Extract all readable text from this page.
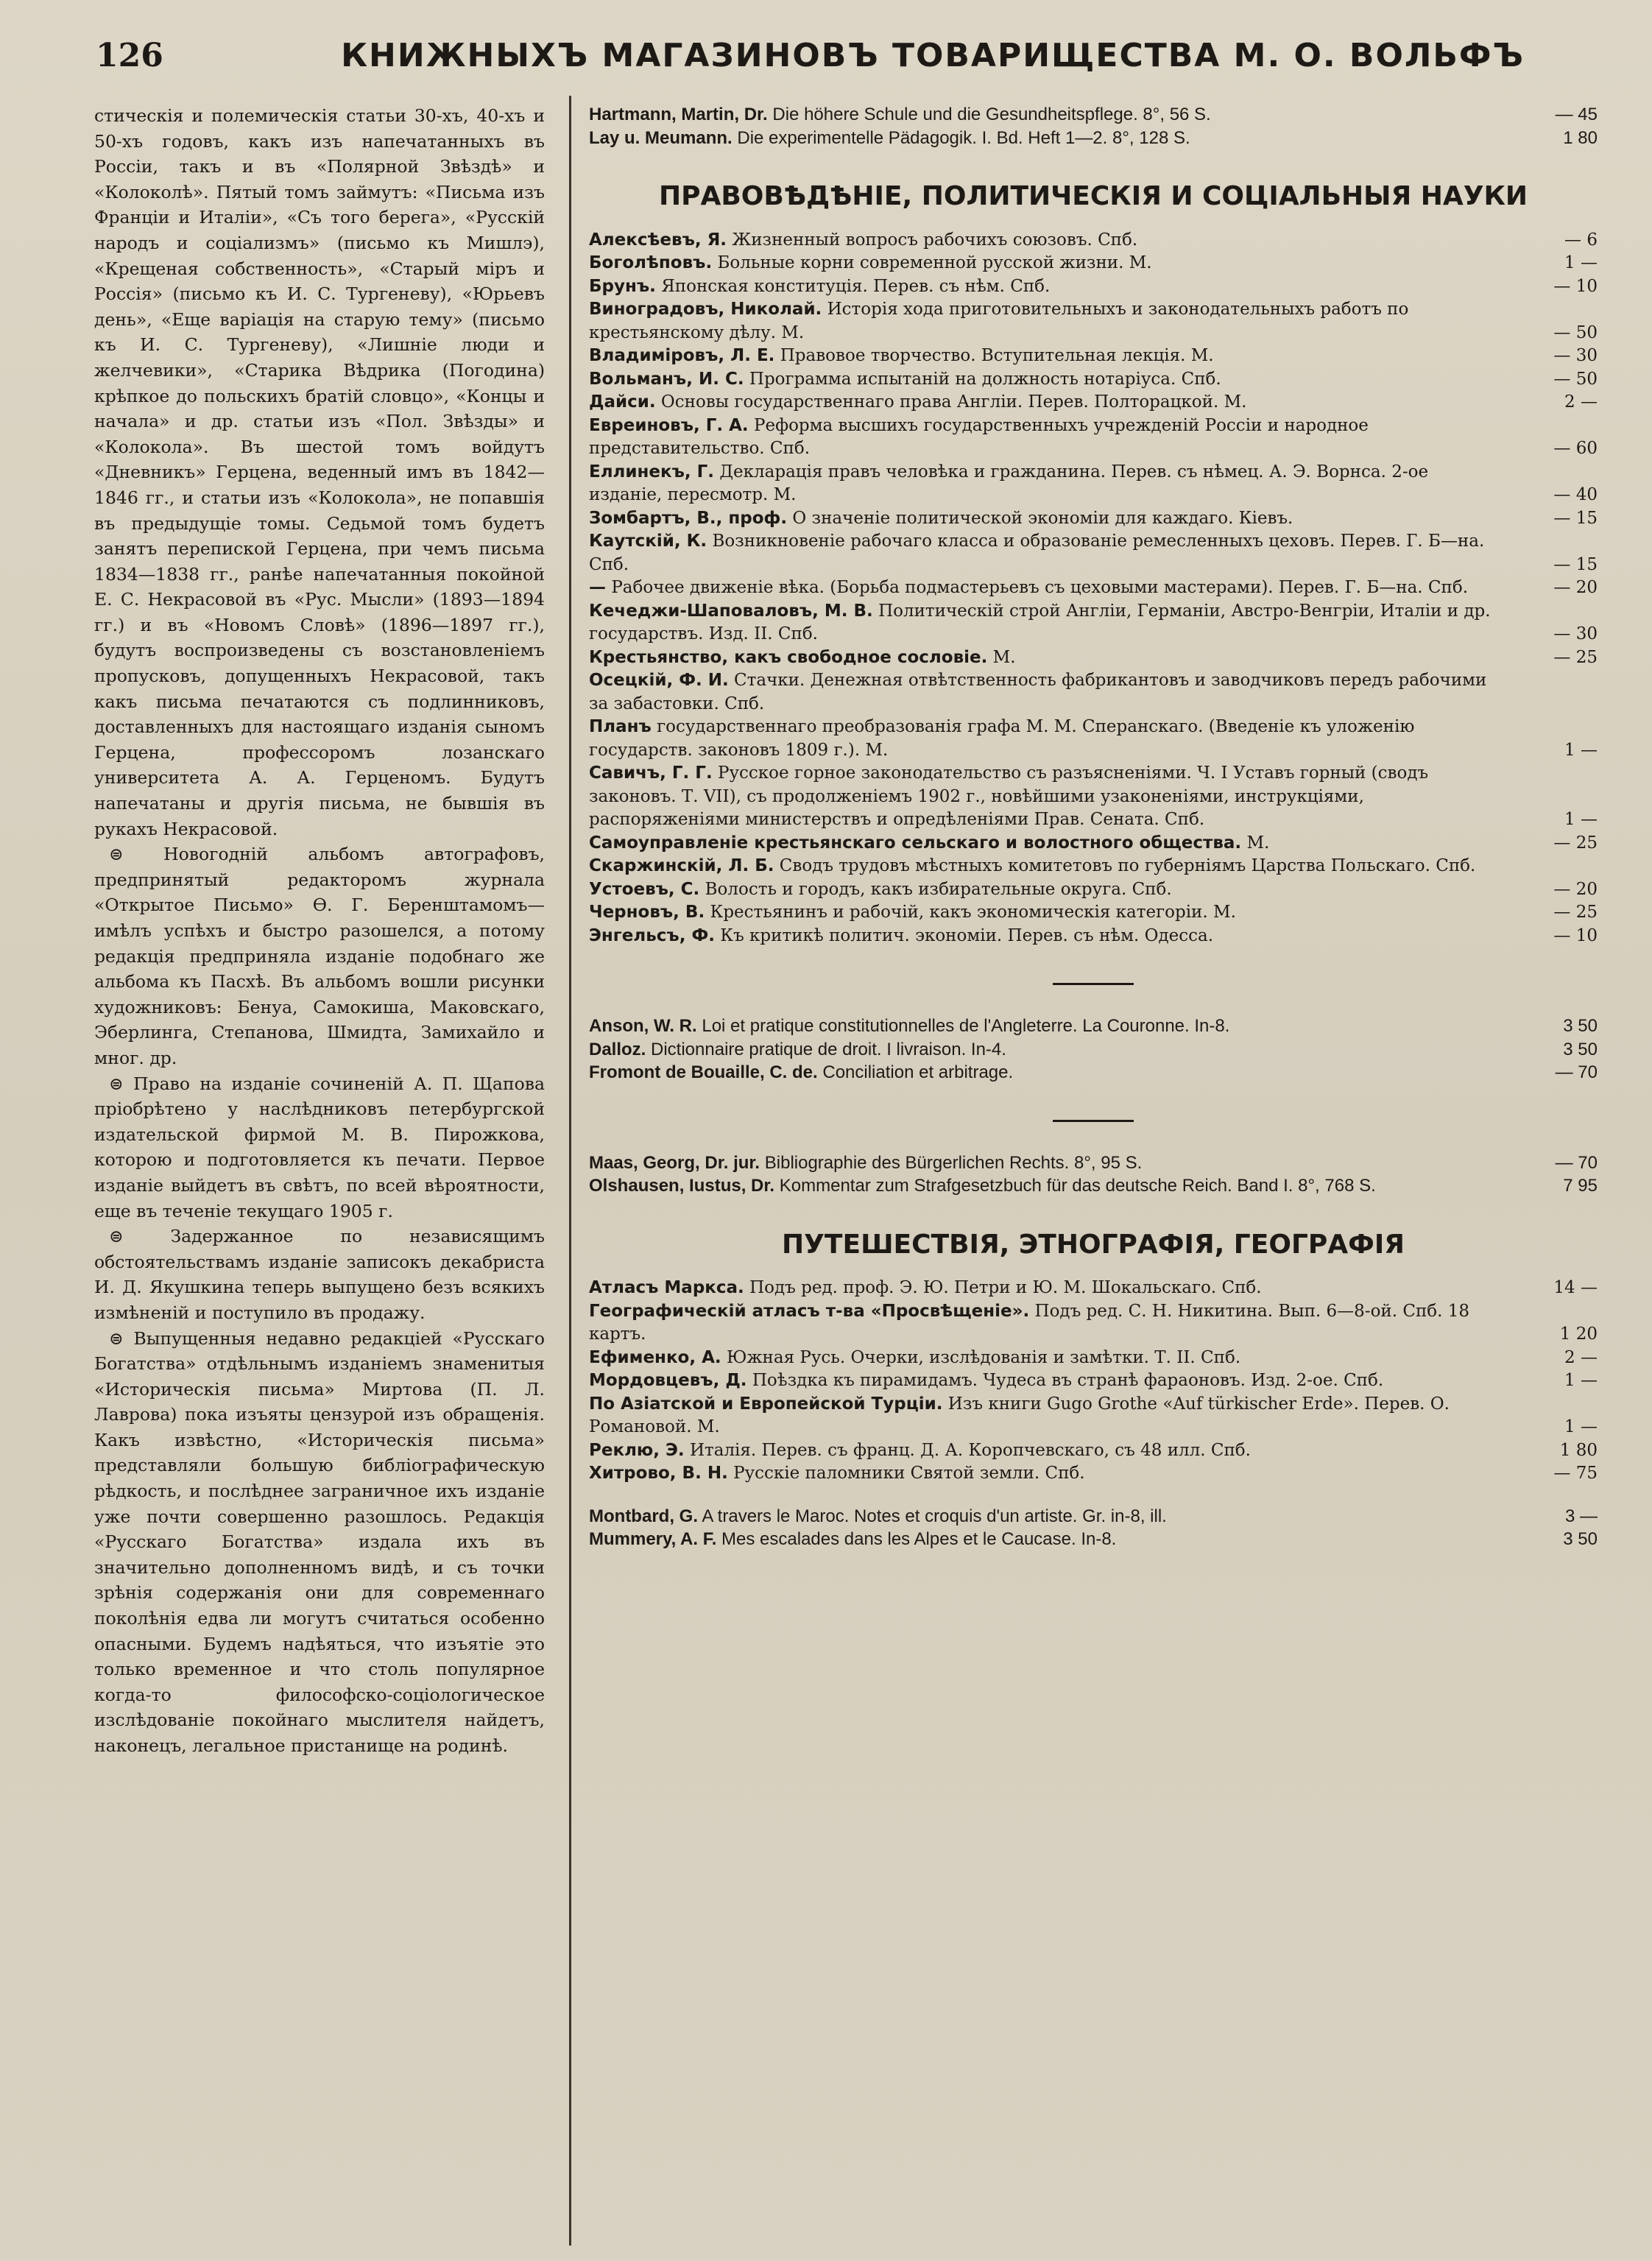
126	КНИЖНЫХЪ МАГАЗИНОВЪ ТОВАРИЩЕСТВА М. О. ВОЛЬФЪ

стическія и полемическія статьи 30-хъ, 40-хъ и 50-хъ годовъ, какъ изъ напечатанныхъ въ Россіи, такъ и въ «Полярной Звѣздѣ» и «Колоколѣ». Пятый томъ займутъ: «Письма изъ Франціи и Италіи», «Съ того берега», «Русскій народъ и соціализмъ» (письмо къ Мишлэ), «Крещеная собственность», «Старый міръ и Россія» (письмо къ И. С. Тургеневу), «Юрьевъ день», «Еще варіація на старую тему» (письмо къ И. С. Тургеневу), «Лишніе люди и желчевики», «Старика Вѣдрика (Погодина) крѣпкое до польскихъ братій словцо», «Концы и начала» и др. статьи изъ «Пол. Звѣзды» и «Колокола». Въ шестой томъ войдутъ «Дневникъ» Герцена, веденный имъ въ 1842—1846 гг., и статьи изъ «Колокола», не попавшія въ предыдущіе томы. Седьмой томъ будетъ занятъ перепиской Герцена, при чемъ письма 1834—1838 гг., ранѣе напечатанныя покойной Е. С. Некрасовой въ «Рус. Мысли» (1893—1894 гг.) и въ «Новомъ Словѣ» (1896—1897 гг.), будутъ воспроизведены съ возстановленіемъ пропусковъ, допущенныхъ Некрасовой, такъ какъ письма печатаются съ подлинниковъ, доставленныхъ для настоящаго изданія сыномъ Герцена, профессоромъ лозанскаго университета А. А. Герценомъ. Будутъ напечатаны и другія письма, не бывшія въ рукахъ Некрасовой.

⊜ Новогодній альбомъ автографовъ, предпринятый редакторомъ журнала «Открытое Письмо» Ѳ. Г. Беренштамомъ—имѣлъ успѣхъ и быстро разошелся, а потому редакція предприняла изданіе подобнаго же альбома къ Пасхѣ. Въ альбомъ вошли рисунки художниковъ: Бенуа, Самокиша, Маковскаго, Эберлинга, Степанова, Шмидта, Замихайло и мног. др.

⊜ Право на изданіе сочиненій А. П. Щапова пріобрѣтено у наслѣдниковъ петербургской издательской фирмой М. В. Пирожкова, которою и подготовляется къ печати. Первое изданіе выйдетъ въ свѣтъ, по всей вѣроятности, еще въ теченіе текущаго 1905 г.

⊜ Задержанное по независящимъ обстоятельствамъ изданіе записокъ декабриста И. Д. Якушкина теперь выпущено безъ всякихъ измѣненій и поступило въ продажу.

⊜ Выпущенныя недавно редакціей «Русскаго Богатства» отдѣльнымъ изданіемъ знаменитыя «Историческія письма» Миртова (П. Л. Лаврова) пока изъяты цензурой изъ обращенія. Какъ извѣстно, «Историческія письма» представляли большую библіографическую рѣдкость, и послѣднее заграничное ихъ изданіе уже почти совершенно разошлось. Редакція «Русскаго Богатства» издала ихъ въ значительно дополненномъ видѣ, и съ точки зрѣнія содержанія они для современнаго поколѣнія едва ли могутъ считаться особенно опасными. Будемъ надѣяться, что изъятіе это только временное и что столь популярное когда-то философско-соціологическое изслѣдованіе покойнаго мыслителя найдетъ, наконецъ, легальное пристанище на родинѣ.

Hartmann, Martin, Dr. Die höhere Schule und die Gesundheitspflege. 8°, 56 S.	— 45

Lay u. Meumann. Die experimentelle Pädagogik. I. Bd. Heft 1—2. 8°, 128 S.	1 80

ПРАВОВѢДѢНІЕ, ПОЛИТИЧЕСКІЯ И СОЦІАЛЬНЫЯ НАУКИ

Алексѣевъ, Я. Жизненный вопросъ рабочихъ союзовъ. Спб.	— 6

Боголѣповъ. Больные корни современной русской жизни. М.	1 —

Брунъ. Японская конституція. Перев. съ нѣм. Спб.	— 10

Виноградовъ, Николай. Исторія хода приготовительныхъ и законодательныхъ работъ по крестьянскому дѣлу. М.	— 50

Владиміровъ, Л. Е. Правовое творчество. Вступительная лекція. М.	— 30

Вольманъ, И. С. Программа испытаній на должность нотаріуса. Спб.	— 50

Дайси. Основы государственнаго права Англіи. Перев. Полторацкой. М.	2 —

Евреиновъ, Г. А. Реформа высшихъ государственныхъ учрежденій Россіи и народное представительство. Спб.	— 60

Еллинекъ, Г. Декларація правъ человѣка и гражданина. Перев. съ нѣмец. А. Э. Ворнса. 2-ое изданіе, пересмотр. М.	— 40

Зомбартъ, В., проф. О значеніе политической экономіи для каждаго. Кіевъ.	— 15

Каутскій, К. Возникновеніе рабочаго класса и образованіе ремесленныхъ цеховъ. Перев. Г. Б—на. Спб.	— 15

— Рабочее движеніе вѣка. (Борьба подмастерьевъ съ цеховыми мастерами). Перев. Г. Б—на. Спб.	— 20

Кечеджи-Шаповаловъ, М. В. Политическій строй Англіи, Германіи, Австро-Венгріи, Италіи и др. государствъ. Изд. II. Спб.	— 30

Крестьянство, какъ свободное сословіе. М.	— 25

Осецкій, Ф. И. Стачки. Денежная отвѣтственность фабрикантовъ и заводчиковъ передъ рабочими за забастовки. Спб.

Планъ государственнаго преобразованія графа М. М. Сперанскаго. (Введеніе къ уложенію государств. законовъ 1809 г.). М.	1 —

Савичъ, Г. Г. Русское горное законодательство съ разъясненіями. Ч. I Уставъ горный (сводъ законовъ. Т. VII), съ продолженіемъ 1902 г., новѣйшими узаконеніями, инструкціями, распоряженіями министерствъ и опредѣленіями Прав. Сената. Спб.	1 —

Самоуправленіе крестьянскаго сельскаго и волостного общества. М.	— 25

Скаржинскій, Л. Б. Сводъ трудовъ мѣстныхъ комитетовъ по губерніямъ Царства Польскаго. Спб.

Устоевъ, С. Волость и городъ, какъ избирательные округа. Спб.	— 20

Черновъ, В. Крестьянинъ и рабочій, какъ экономическія категоріи. М.	— 25

Энгельсъ, Ф. Къ критикѣ политич. экономіи. Перев. съ нѣм. Одесса.	— 10

Anson, W. R. Loi et pratique constitutionnelles de l'Angleterre. La Couronne. In-8.	3 50

Dalloz. Dictionnaire pratique de droit. I livraison. In-4.	3 50

Fromont de Bouaille, C. de. Conciliation et arbitrage.	— 70

Maas, Georg, Dr. jur. Bibliographie des Bürgerlichen Rechts. 8°, 95 S.	— 70

Olshausen, Iustus, Dr. Kommentar zum Strafgesetzbuch für das deutsche Reich. Band I. 8°, 768 S.	7 95

ПУТЕШЕСТВІЯ, ЭТНОГРАФІЯ, ГЕОГРАФІЯ

Атласъ Маркса. Подъ ред. проф. Э. Ю. Петри и Ю. М. Шокальскаго. Спб.	14 —

Географическій атласъ т-ва «Просвѣщеніе». Подъ ред. С. Н. Никитина. Вып. 6—8-ой. Спб. 18 картъ.	1 20

Ефименко, А. Южная Русь. Очерки, изслѣдованія и замѣтки. Т. II. Спб.	2 —

Мордовцевъ, Д. Поѣздка къ пирамидамъ. Чудеса въ странѣ фараоновъ. Изд. 2-ое. Спб.	1 —

По Азіатской и Европейской Турціи. Изъ книги Gugo Grothe «Auf türkischer Erde». Перев. О. Романовой. М.	1 —

Реклю, Э. Италія. Перев. съ франц. Д. А. Коропчевскаго, съ 48 илл. Спб.	1 80

Хитрово, В. Н. Русскіе паломники Святой земли. Спб.	— 75

Montbard, G. A travers le Maroc. Notes et croquis d'un artiste. Gr. in-8, ill.	3 —

Mummery, A. F. Mes escalades dans les Alpes et le Caucase. In-8.	3 50
